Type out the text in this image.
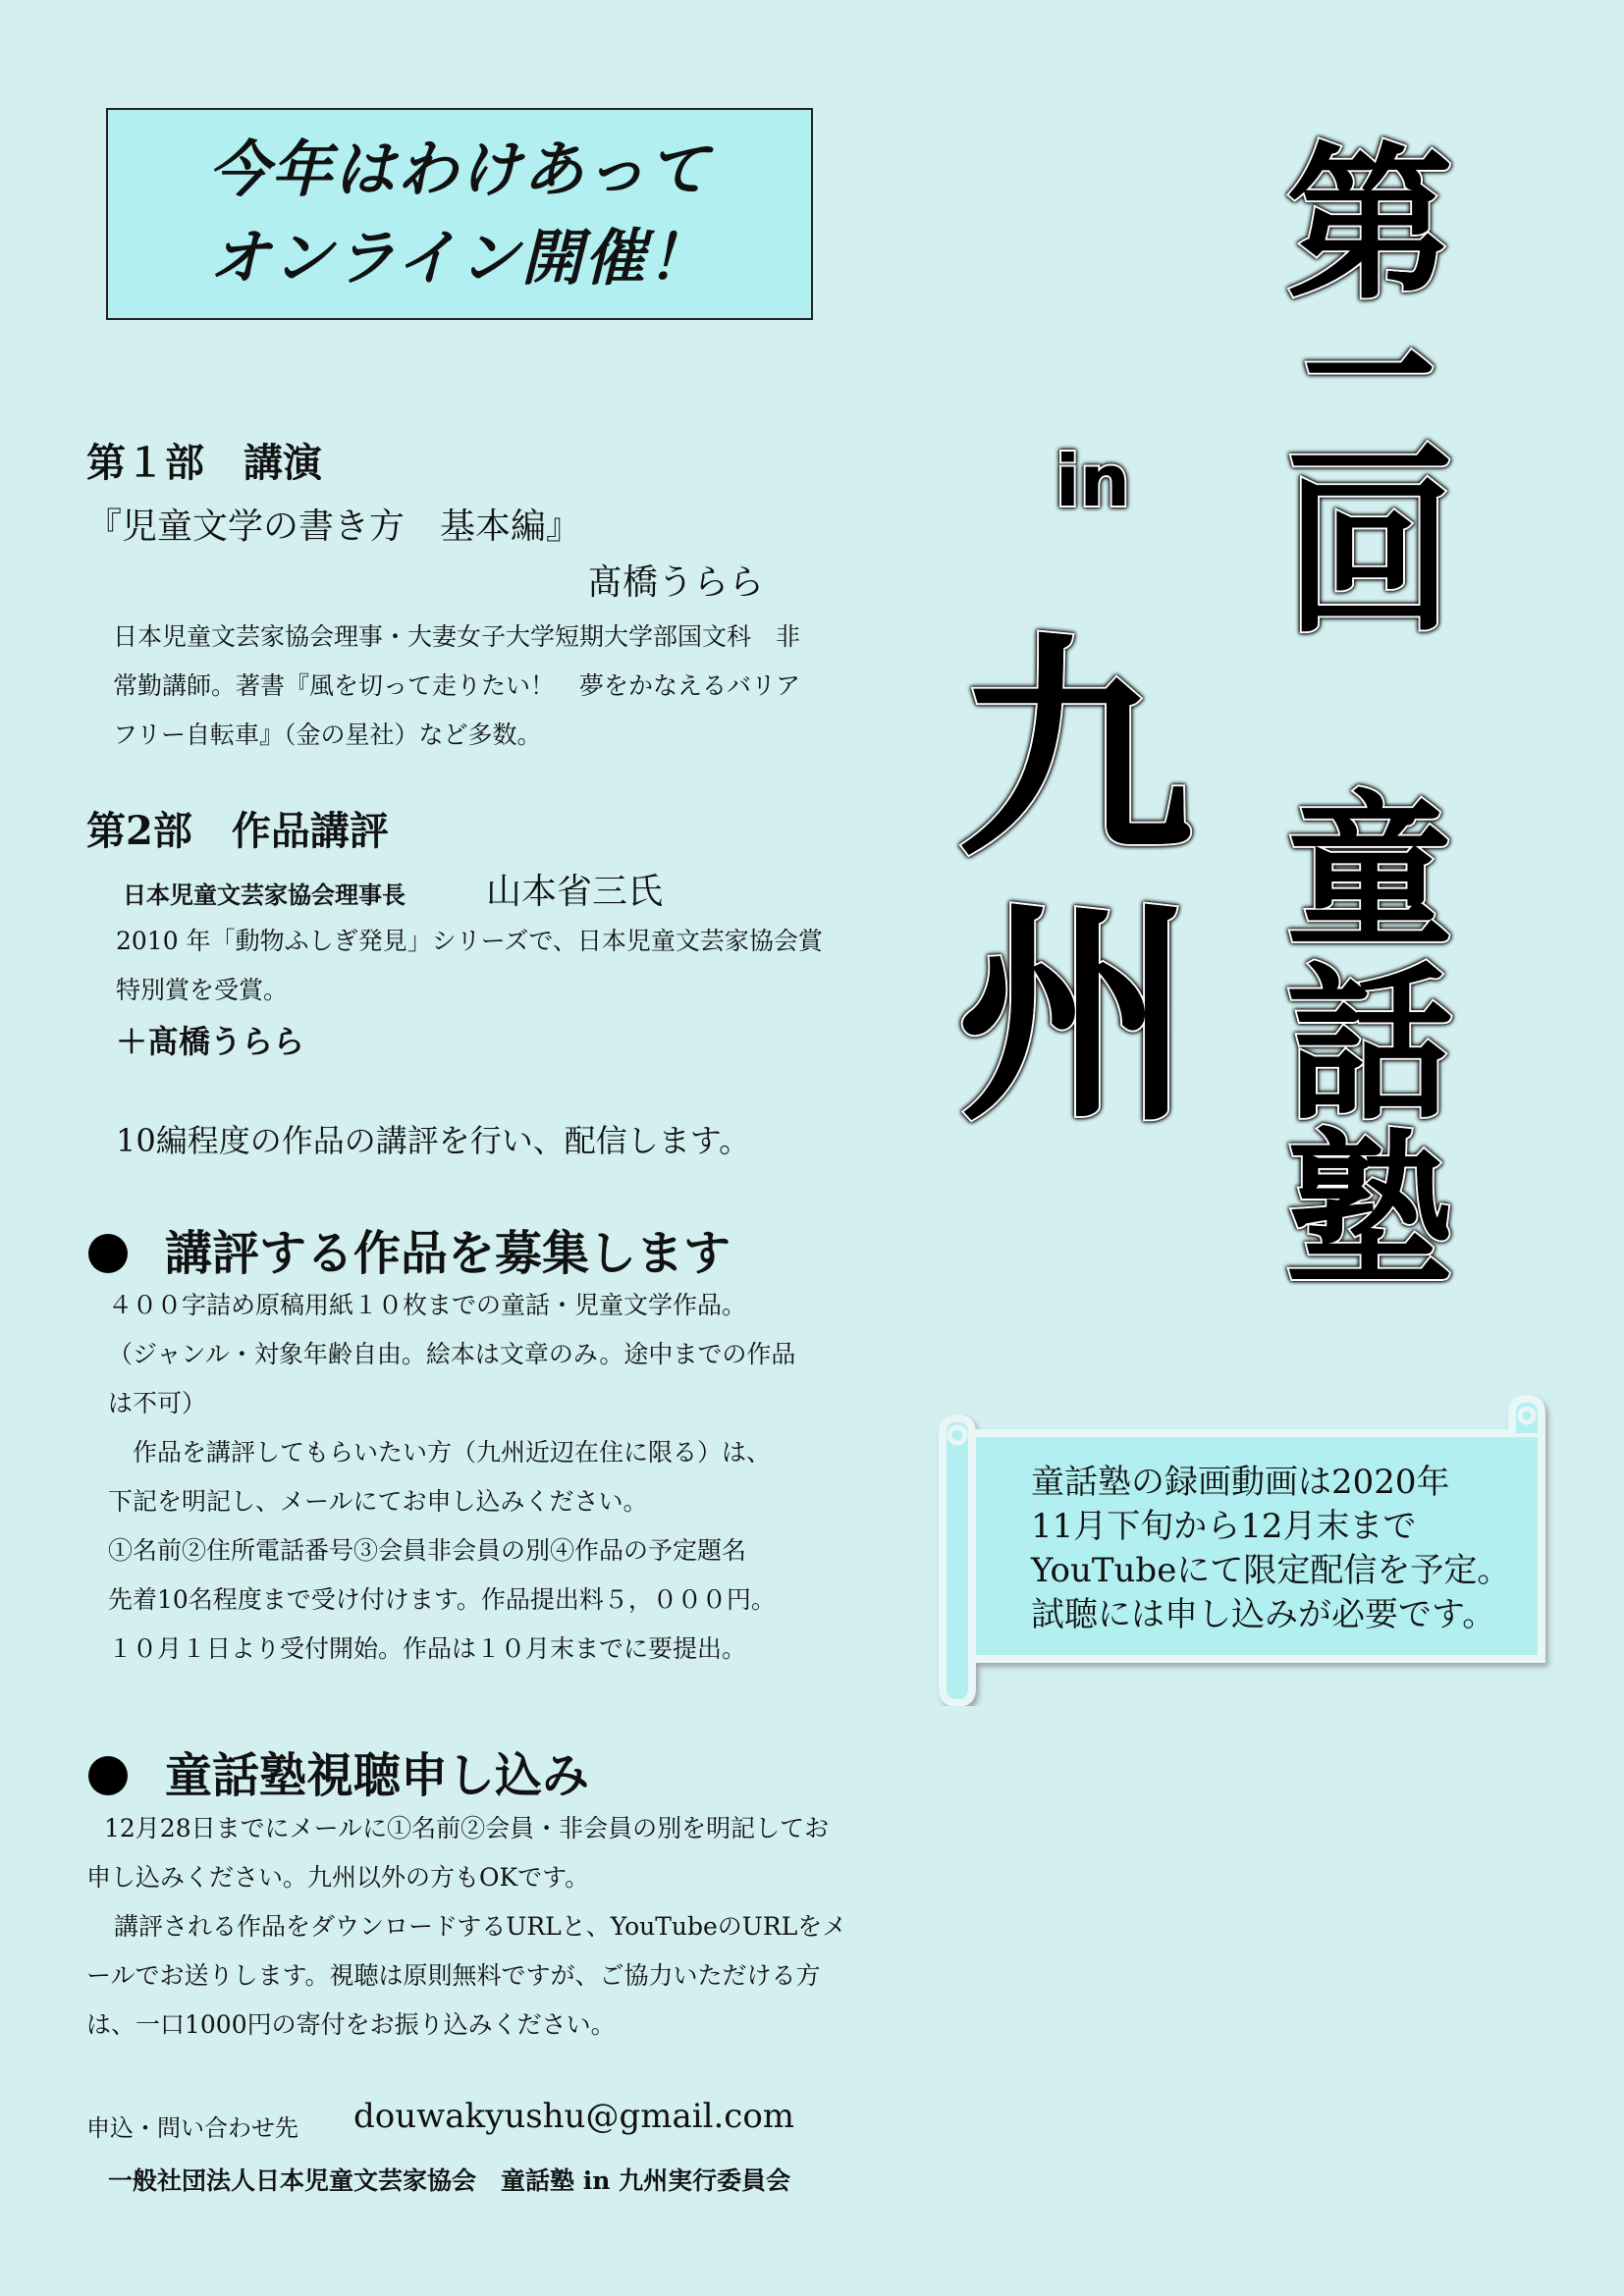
今年はわけあって
オンライン開催！	第
二
回
童
話
塾
in
九
州
第１部　講演
『児童文学の書き方　基本編』
髙橋うらら
日本児童文芸家協会理事・大妻女子大学短期大学部国文科　非
常勤講師。著書『風を切って走りたい！　夢をかなえるバリア
フリー自転車』（金の星社）など多数。
第2部　作品講評
日本児童文芸家協会理事長 山本省三氏
2010 年「動物ふしぎ発見」シリーズで、日本児童文芸家協会賞
特別賞を受賞。
＋髙橋うらら
10編程度の作品の講評を行い、配信します。
講評する作品を募集します
４００字詰め原稿用紙１０枚までの童話・児童文学作品。
（ジャンル・対象年齢自由。絵本は文章のみ。途中までの作品
は不可）
　作品を講評してもらいたい方（九州近辺在住に限る）は、
下記を明記し、メールにてお申し込みください。
①名前②住所電話番号③会員非会員の別④作品の予定題名
先着10名程度まで受け付けます。作品提出料５，０００円。
１０月１日より受付開始。作品は１０月末までに要提出。
童話塾視聴申し込み
12月28日までにメールに①名前②会員・非会員の別を明記してお
申し込みください。九州以外の方もOKです。
講評される作品をダウンロードするURLと、YouTubeのURLをメ
ールでお送りします。視聴は原則無料ですが、ご協力いただける方
は、一口1000円の寄付をお振り込みください。
申込・問い合わせ先 douwakyushu@gmail.com
一般社団法人日本児童文芸家協会　童話塾 in 九州実行委員会
童話塾の録画動画は2020年
11月下旬から12月末まで
YouTubeにて限定配信を予定。
試聴には申し込みが必要です。
